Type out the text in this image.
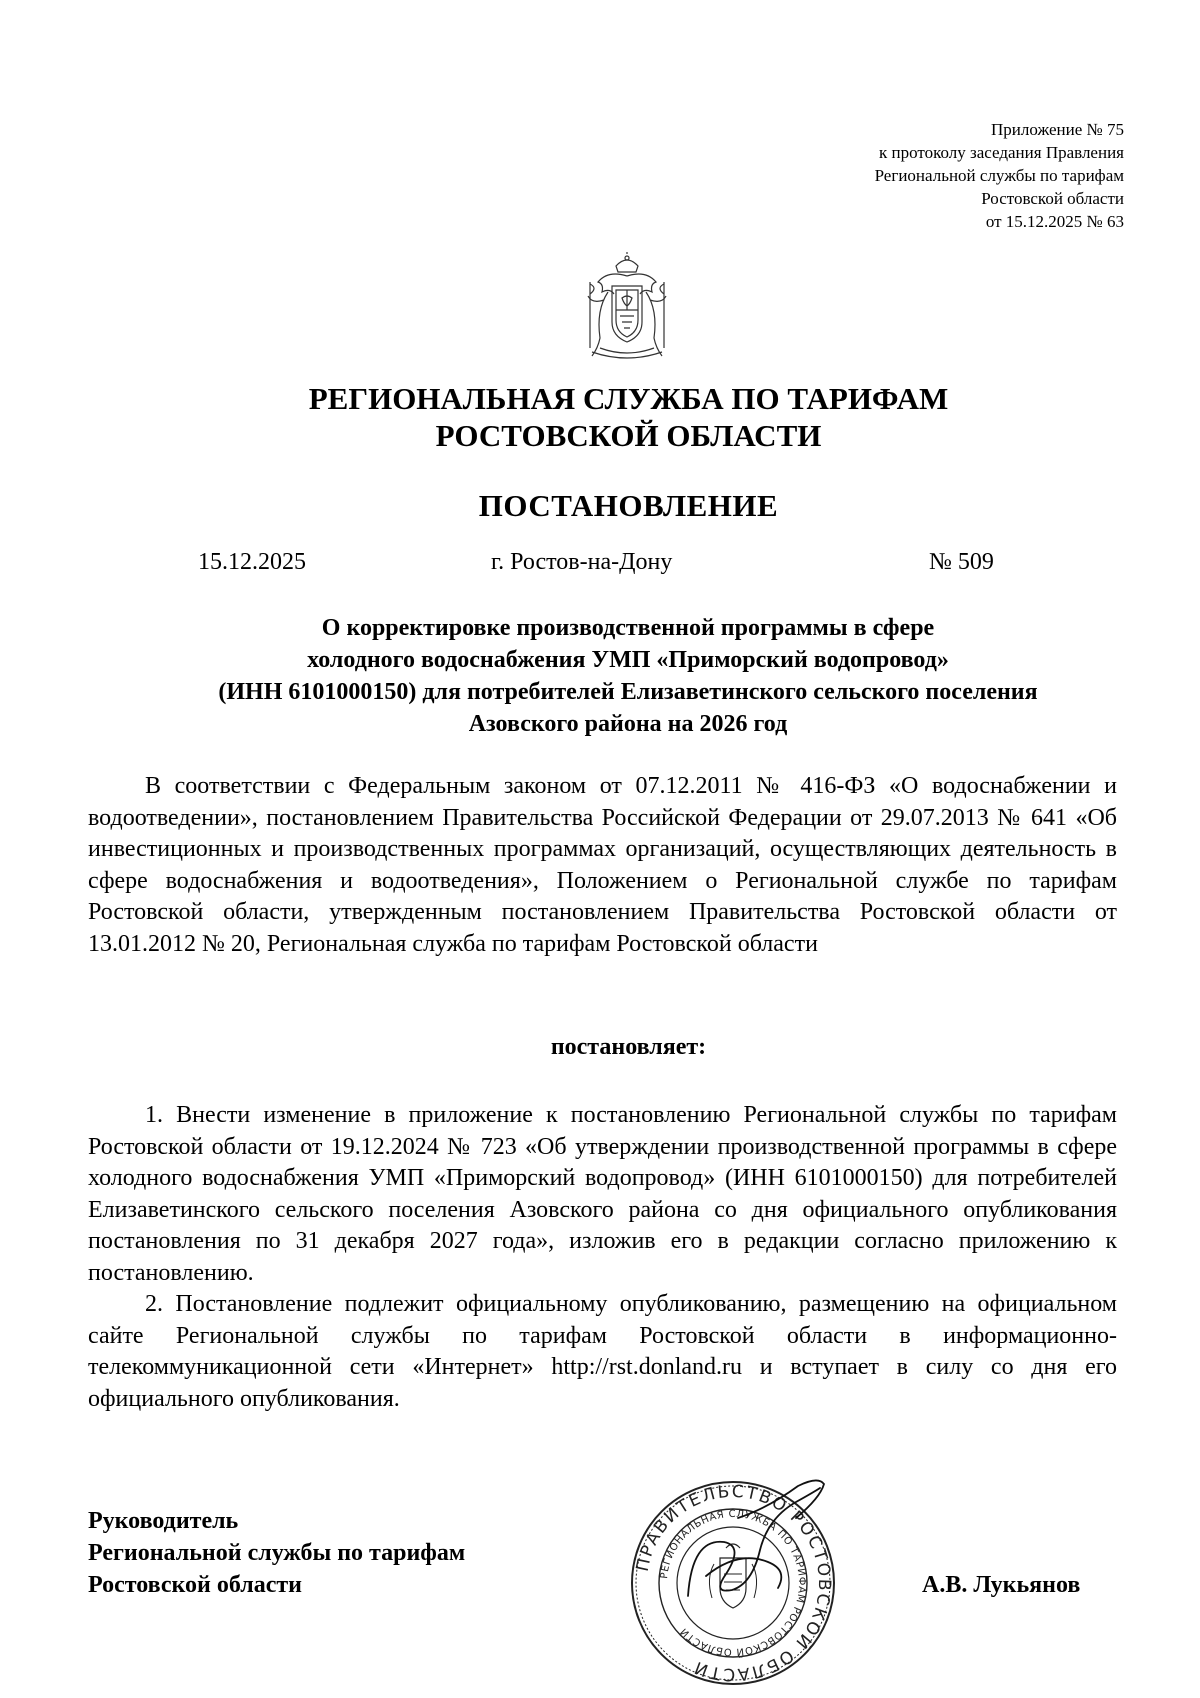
Приложение № 75
к протоколу заседания Правления
Региональной службы по тарифам
Ростовской области
от 15.12.2025 № 63
РЕГИОНАЛЬНАЯ СЛУЖБА ПО ТАРИФАМ
РОСТОВСКОЙ ОБЛАСТИ
ПОСТАНОВЛЕНИЕ
15.12.2025	г. Ростов-на-Дону	№ 509
О корректировке производственной программы в сфере
холодного водоснабжения УМП «Приморский водопровод»
(ИНН 6101000150) для потребителей Елизаветинского сельского поселения
Азовского района на 2026 год

В соответствии с Федеральным законом от 07.12.2011 № 416-ФЗ «О водоснабжении и водоотведении», постановлением Правительства Российской Федерации от 29.07.2013 № 641 «Об инвестиционных и производственных программах организаций, осуществляющих деятельность в сфере водоснабжения и водоотведения», Положением о Региональной службе по тарифам Ростовской области, утвержденным постановлением Правительства Ростовской области от 13.01.2012 № 20, Региональная служба по тарифам Ростовской области

постановляет:

1. Внести изменение в приложение к постановлению Региональной службы по тарифам Ростовской области от 19.12.2024 № 723 «Об утверждении производственной программы в сфере холодного водоснабжения УМП «Приморский водопровод» (ИНН 6101000150) для потребителей Елизаветинского сельского поселения Азовского района со дня официального опубликования постановления по 31 декабря 2027 года», изложив его в редакции согласно приложению к постановлению.

2. Постановление подлежит официальному опубликованию, размещению на официальном сайте Региональной службы по тарифам Ростовской области в информационно-телекоммуникационной сети «Интернет» http://rst.donland.ru и вступает в силу со дня его официального опубликования.

Руководитель
Региональной службы по тарифам
Ростовской области
ПРАВИТЕЛЬСТВО РОСТОВСКОЙ ОБЛАСТИ
РЕГИОНАЛЬНАЯ СЛУЖБА ПО ТАРИФАМ РОСТОВСКОЙ ОБЛАСТИ
А.В. Лукьянов
